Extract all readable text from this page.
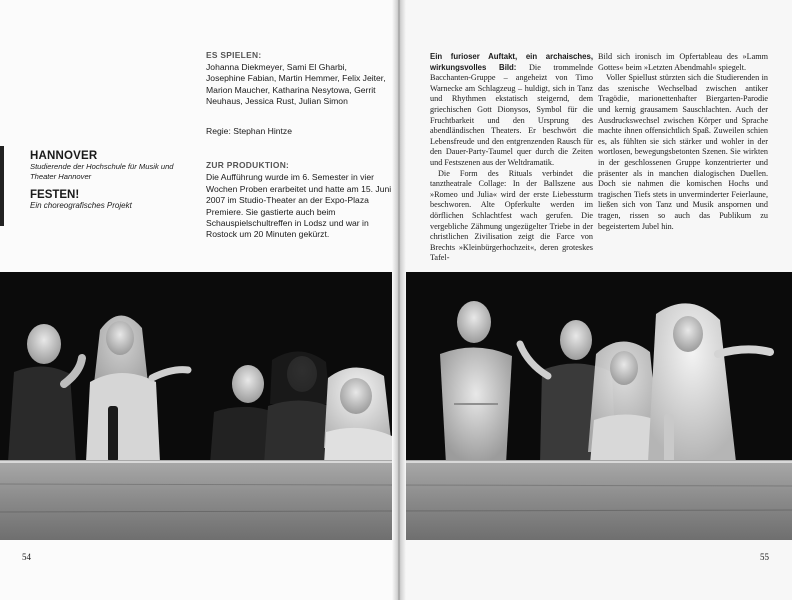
ES SPIELEN:
Johanna Diekmeyer, Sami El Gharbi, Josephine Fabian, Martin Hemmer, Felix Jeiter, Marion Maucher, Katharina Nesytowa, Gerrit Neuhaus, Jessica Rust, Julian Simon
Regie: Stephan Hintze
ZUR PRODUKTION:

Die Aufführung wurde im 6. Semester in vier Wochen Proben erarbeitet und hatte am 15. Juni 2007 im Studio-Theater an der Expo-Plaza Premiere. Sie gastierte auch beim Schauspielschultreffen in Lodsz und war in Rostock um 20 Minuten gekürzt.

HANNOVER
Studierende der Hochschule für Musik und Theater Hannover
FESTEN!
Ein choreografisches Projekt

Ein furioser Auftakt, ein archaisches, wirkungsvolles Bild: Die trommelnde Bacchanten-Gruppe – angeheizt von Timo Warnecke am Schlagzeug – huldigt, sich in Tanz und Rhythmen ekstatisch steigernd, dem griechischen Gott Dionysos, Symbol für die Fruchtbarkeit und den Ursprung des abendländischen Theaters. Er beschwört die Lebensfreude und den entgrenzenden Rausch für den Dauer-Party-Taumel quer durch die Zeiten und Festszenen aus der Weltdramatik.

Die Form des Rituals verbindet die tanztheatrale Collage: In der Ballszene aus »Romeo und Julia« wird der erste Liebessturm beschworen. Alte Opferkulte werden im dörflichen Schlachtfest wach gerufen. Die vergebliche Zähmung ungezügelter Triebe in der christlichen Zivilisation zeigt die Farce von Brechts »Kleinbürgerhochzeit«, deren groteskes Tafel-

Bild sich ironisch im Opfertableau des »Lamm Gottes« beim »Letzten Abendmahl« spiegelt.

Voller Spiellust stürzten sich die Studierenden in das szenische Wechselbad zwischen antiker Tragödie, marionettenhafter Biergarten-Parodie und kernig grausamem Sauschlachten. Auch der Ausdruckswechsel zwischen Körper und Sprache machte ihnen offensichtlich Spaß. Zuweilen schien es, als fühlten sie sich stärker und wohler in der wortlosen, bewegungsbetonten Szenen. Sie wirkten in der geschlossenen Gruppe konzentrierter und präsenter als in manchen dialogischen Duellen. Doch sie nahmen die komischen Hochs und tragischen Tiefs stets in unverminderter Feierlaune, ließen sich von Tanz und Musik anspornen und tragen, rissen so auch das Publikum zu begeistertem Jubel hin.

54	55
